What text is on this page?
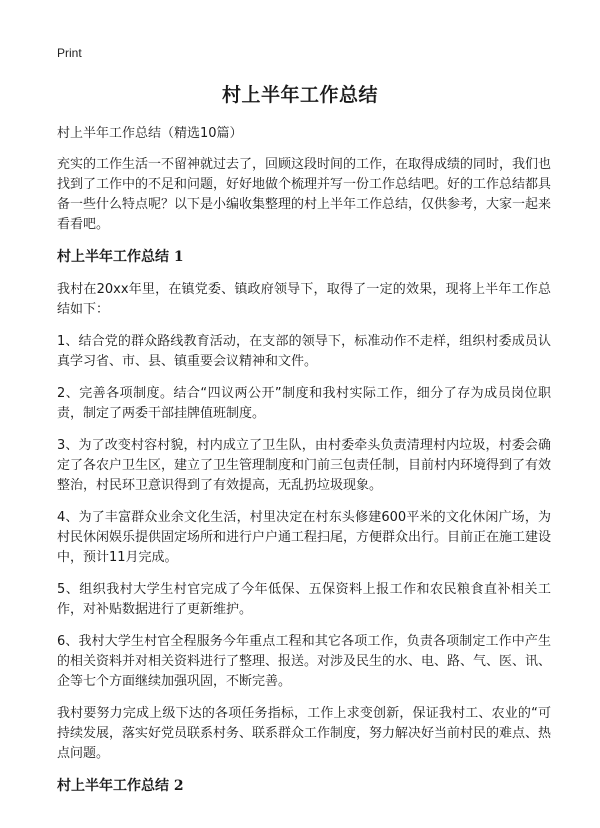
Print
村上半年工作总结

村上半年工作总结（精选10篇）

充实的工作生活一不留神就过去了，回顾这段时间的工作，在取得成绩的同时，我们也找到了工作中的不足和问题，好好地做个梳理并写一份工作总结吧。好的工作总结都具备一些什么特点呢？以下是小编收集整理的村上半年工作总结，仅供参考，大家一起来看看吧。

村上半年工作总结 1

我村在20xx年里，在镇党委、镇政府领导下，取得了一定的效果，现将上半年工作总结如下：

1、结合党的群众路线教育活动，在支部的领导下，标准动作不走样，组织村委成员认真学习省、市、县、镇重要会议精神和文件。

2、完善各项制度。结合“四议两公开”制度和我村实际工作，细分了存为成员岗位职责，制定了两委干部挂牌值班制度。

3、为了改变村容村貌，村内成立了卫生队，由村委牵头负责清理村内垃圾，村委会确定了各农户卫生区，建立了卫生管理制度和门前三包责任制，目前村内环境得到了有效整治，村民环卫意识得到了有效提高，无乱扔垃圾现象。

4、为了丰富群众业余文化生活，村里决定在村东头修建600平米的文化休闲广场，为村民休闲娱乐提供固定场所和进行户户通工程扫尾，方便群众出行。目前正在施工建设中，预计11月完成。

5、组织我村大学生村官完成了今年低保、五保资料上报工作和农民粮食直补相关工作，对补贴数据进行了更新维护。

6、我村大学生村官全程服务今年重点工程和其它各项工作，负责各项制定工作中产生的相关资料并对相关资料进行了整理、报送。对涉及民生的水、电、路、气、医、讯、企等七个方面继续加强巩固，不断完善。

我村要努力完成上级下达的各项任务指标，工作上求变创新，保证我村工、农业的“可持续发展，落实好党员联系村务、联系群众工作制度，努力解决好当前村民的难点、热点问题。

村上半年工作总结 2
